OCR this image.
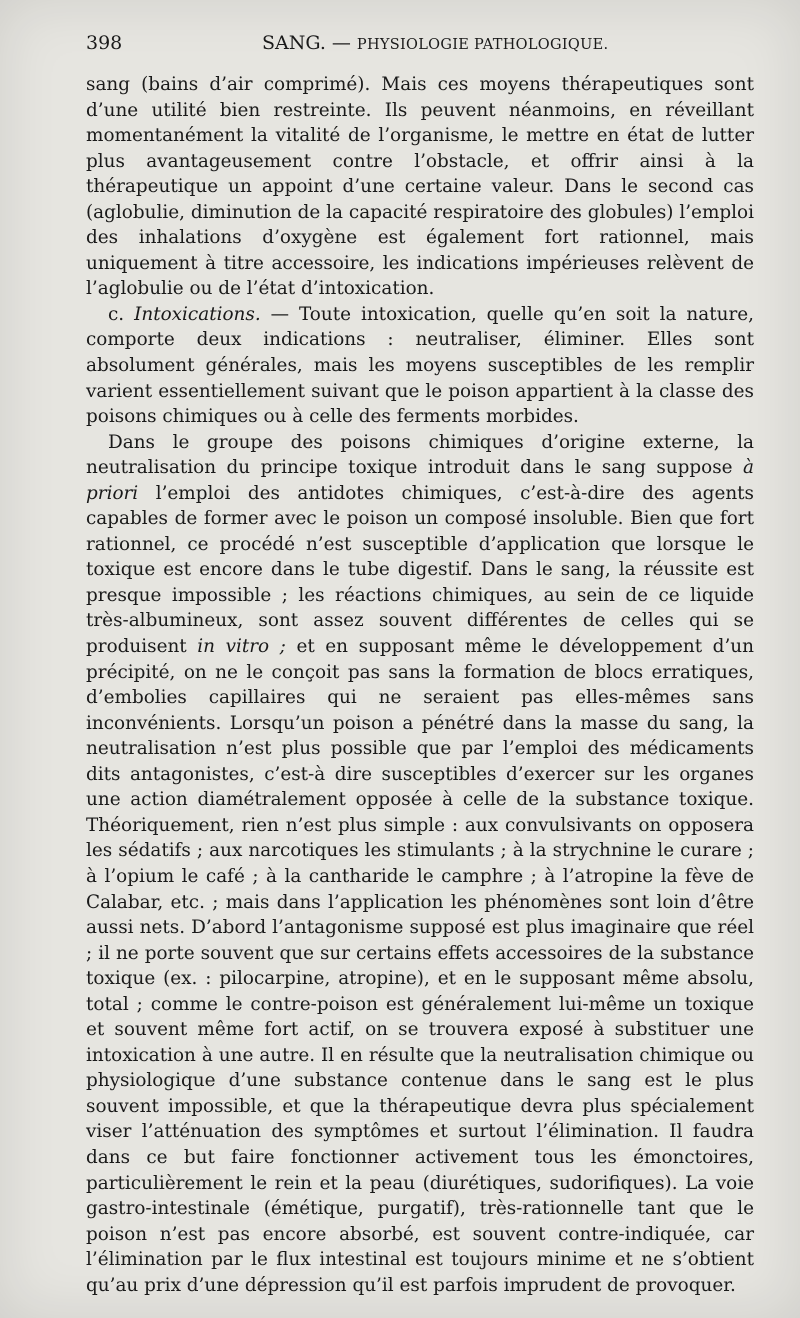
398	SANG. — PHYSIOLOGIE PATHOLOGIQUE.

sang (bains d’air comprimé). Mais ces moyens thérapeutiques sont d’une utilité bien restreinte. Ils peuvent néanmoins, en réveillant momentanément la vitalité de l’organisme, le mettre en état de lutter plus avantageusement contre l’obstacle, et offrir ainsi à la thérapeutique un appoint d’une certaine valeur. Dans le second cas (aglobulie, diminution de la capacité respiratoire des globules) l’emploi des inhalations d’oxygène est également fort rationnel, mais uniquement à titre accessoire, les indications impérieuses relèvent de l’aglobulie ou de l’état d’intoxication.

c. Intoxications. — Toute intoxication, quelle qu’en soit la nature, comporte deux indications : neutraliser, éliminer. Elles sont absolument générales, mais les moyens susceptibles de les remplir varient essentiellement suivant que le poison appartient à la classe des poisons chimiques ou à celle des ferments morbides.

Dans le groupe des poisons chimiques d’origine externe, la neutralisation du principe toxique introduit dans le sang suppose à priori l’emploi des antidotes chimiques, c’est-à-dire des agents capables de former avec le poison un composé insoluble. Bien que fort rationnel, ce procédé n’est susceptible d’application que lorsque le toxique est encore dans le tube digestif. Dans le sang, la réussite est presque impossible ; les réactions chimiques, au sein de ce liquide très-albumineux, sont assez souvent différentes de celles qui se produisent in vitro ; et en supposant même le développement d’un précipité, on ne le conçoit pas sans la formation de blocs erratiques, d’embolies capillaires qui ne seraient pas elles-mêmes sans inconvénients. Lorsqu’un poison a pénétré dans la masse du sang, la neutralisation n’est plus possible que par l’emploi des médicaments dits antagonistes, c’est-à dire susceptibles d’exercer sur les organes une action diamétralement opposée à celle de la substance toxique. Théoriquement, rien n’est plus simple : aux convulsivants on opposera les sédatifs ; aux narcotiques les stimulants ; à la strychnine le curare ; à l’opium le café ; à la cantharide le camphre ; à l’atropine la fève de Calabar, etc. ; mais dans l’application les phénomènes sont loin d’être aussi nets. D’abord l’antagonisme supposé est plus imaginaire que réel ; il ne porte souvent que sur certains effets accessoires de la substance toxique (ex. : pilocarpine, atropine), et en le supposant même absolu, total ; comme le contre-poison est généralement lui-même un toxique et souvent même fort actif, on se trouvera exposé à substituer une intoxication à une autre. Il en résulte que la neutralisation chimique ou physiologique d’une substance contenue dans le sang est le plus souvent impossible, et que la thérapeutique devra plus spécialement viser l’atténuation des symptômes et surtout l’élimination. Il faudra dans ce but faire fonctionner activement tous les émonctoires, particulièrement le rein et la peau (diurétiques, sudorifiques). La voie gastro-intestinale (émétique, purgatif), très-rationnelle tant que le poison n’est pas encore absorbé, est souvent contre-indiquée, car l’élimination par le flux intestinal est toujours minime et ne s’obtient qu’au prix d’une dépression qu’il est parfois imprudent de provoquer.
